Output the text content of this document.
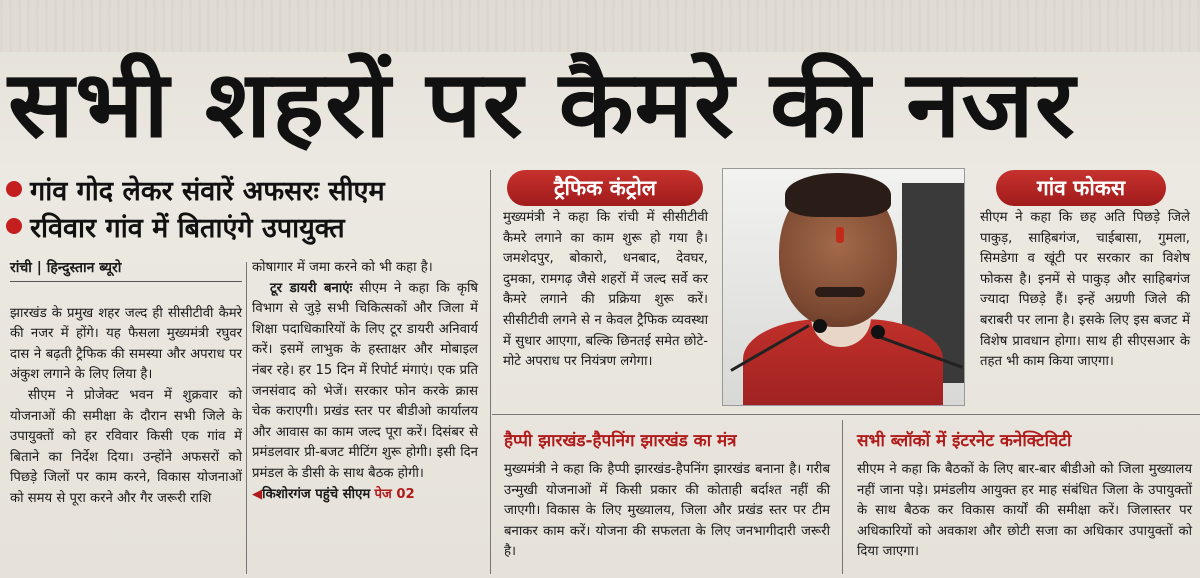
सभी शहरों पर कैमरे की नजर
गांव गोद लेकर संवारें अफसरः सीएम
रविवार गांव में बिताएंगे उपायुक्त
रांची | हिन्दुस्तान ब्यूरो

झारखंड के प्रमुख शहर जल्द ही सीसीटीवी कैमरे की नजर में होंगे। यह फैसला मुख्यमंत्री रघुवर दास ने बढ़ती ट्रैफिक की समस्या और अपराध पर अंकुश लगाने के लिए लिया है।

सीएम ने प्रोजेक्ट भवन में शुक्रवार को योजनाओं की समीक्षा के दौरान सभी जिले के उपायुक्तों को हर रविवार किसी एक गांव में बिताने का निर्देश दिया। उन्होंने अफसरों को पिछड़े जिलों पर काम करने, विकास योजनाओं को समय से पूरा करने और गैर जरूरी राशि

कोषागार में जमा करने को भी कहा है।

टूर डायरी बनाएंः सीएम ने कहा कि कृषि विभाग से जुड़े सभी चिकित्सकों और जिला में शिक्षा पदाधिकारियों के लिए टूर डायरी अनिवार्य करें। इसमें लाभुक के हस्ताक्षर और मोबाइल नंबर रहे। हर 15 दिन में रिपोर्ट मंगाएं। एक प्रति जनसंवाद को भेजें। सरकार फोन करके क्रास चेक कराएगी। प्रखंड स्तर पर बीडीओ कार्यालय और आवास का काम जल्द पूरा करें। दिसंबर से प्रमंडलवार प्री-बजट मीटिंग शुरू होगी। इसी दिन प्रमंडल के डीसी के साथ बैठक होगी।

◀किशोरगंज पहुंचे सीएम पेज 02

ट्रैफिक कंट्रोल
मुख्यमंत्री ने कहा कि रांची में सीसीटीवी कैमरे लगाने का काम शुरू हो गया है। जमशेदपुर, बोकारो, धनबाद, देवघर, दुमका, रामगढ़ जैसे शहरों में जल्द सर्वे कर कैमरे लगाने की प्रक्रिया शुरू करें। सीसीटीवी लगने से न केवल ट्रैफिक व्यवस्था में सुधार आएगा, बल्कि छिनतई समेत छोटे-मोटे अपराध पर नियंत्रण लगेगा।
गांव फोकस
सीएम ने कहा कि छह अति पिछड़े जिले पाकुड़, साहिबगंज, चाईबासा, गुमला, सिमडेगा व खूंटी पर सरकार का विशेष फोकस है। इनमें से पाकुड़ और साहिबगंज ज्यादा पिछड़े हैं। इन्हें अग्रणी जिले की बराबरी पर लाना है। इसके लिए इस बजट में विशेष प्रावधान होगा। साथ ही सीएसआर के तहत भी काम किया जाएगा।
हैप्पी झारखंड-हैपनिंग झारखंड का मंत्र
मुख्यमंत्री ने कहा कि हैप्पी झारखंड-हैपनिंग झारखंड बनाना है। गरीब उन्मुखी योजनाओं में किसी प्रकार की कोताही बर्दाश्त नहीं की जाएगी। विकास के लिए मुख्यालय, जिला और प्रखंड स्तर पर टीम बनाकर काम करें। योजना की सफलता के लिए जनभागीदारी जरूरी है।
सभी ब्लॉकों में इंटरनेट कनेक्टिविटी
सीएम ने कहा कि बैठकों के लिए बार-बार बीडीओ को जिला मुख्यालय नहीं जाना पड़े। प्रमंडलीय आयुक्त हर माह संबंधित जिला के उपायुक्तों के साथ बैठक कर विकास कार्यों की समीक्षा करें। जिलास्तर पर अधिकारियों को अवकाश और छोटी सजा का अधिकार उपायुक्तों को दिया जाएगा।
